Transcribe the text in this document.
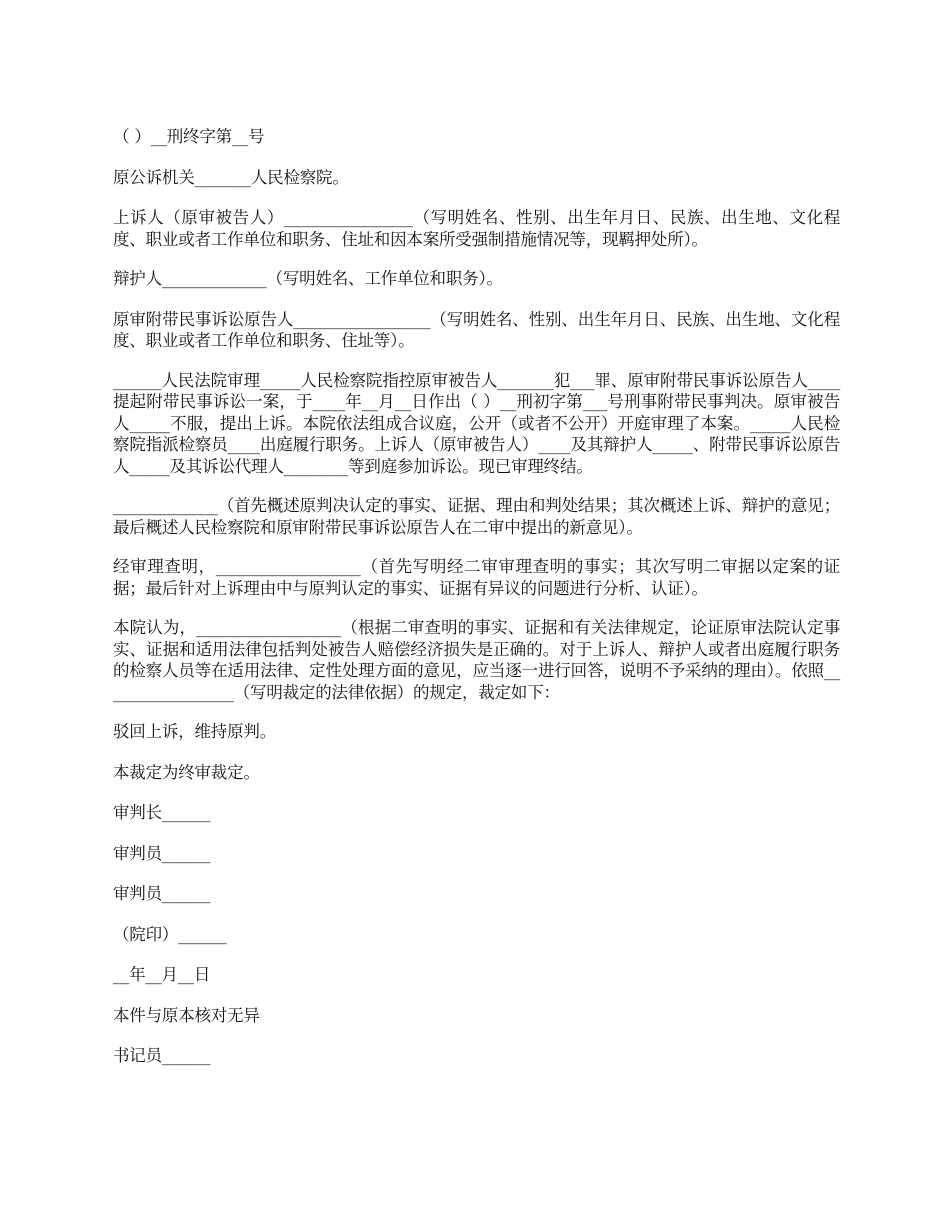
（ ）__刑终字第__号

原公诉机关_______人民检察院。

上诉人（原审被告人）________________（写明姓名、性别、出生年月日、民族、出生地、文化程度、职业或者工作单位和职务、住址和因本案所受强制措施情况等，现羁押处所）。

辩护人_____________（写明姓名、工作单位和职务）。

原审附带民事诉讼原告人_________________（写明姓名、性别、出生年月日、民族、出生地、文化程度、职业或者工作单位和职务、住址等）。

______人民法院审理_____人民检察院指控原审被告人_______犯___罪、原审附带民事诉讼原告人____提起附带民事诉讼一案，于____年__月__日作出（ ）__刑初字第___号刑事附带民事判决。原审被告人_____不服，提出上诉。本院依法组成合议庭，公开（或者不公开）开庭审理了本案。_____人民检察院指派检察员____出庭履行职务。上诉人（原审被告人）____及其辩护人_____、附带民事诉讼原告人_____及其诉讼代理人________等到庭参加诉讼。现已审理终结。

_____________（首先概述原判决认定的事实、证据、理由和判处结果；其次概述上诉、辩护的意见；最后概述人民检察院和原审附带民事诉讼原告人在二审中提出的新意见）。

经审理查明，__________________（首先写明经二审审理查明的事实；其次写明二审据以定案的证据；最后针对上诉理由中与原判认定的事实、证据有异议的问题进行分析、认证）。

本院认为，__________________（根据二审查明的事实、证据和有关法律规定，论证原审法院认定事实、证据和适用法律包括判处被告人赔偿经济损失是正确的。对于上诉人、辩护人或者出庭履行职务的检察人员等在适用法律、定性处理方面的意见，应当逐一进行回答，说明不予采纳的理由）。依照_________________（写明裁定的法律依据）的规定，裁定如下：

驳回上诉，维持原判。

本裁定为终审裁定。

审判长______

审判员______

审判员______

（院印）______

__年__月__日

本件与原本核对无异

书记员______
